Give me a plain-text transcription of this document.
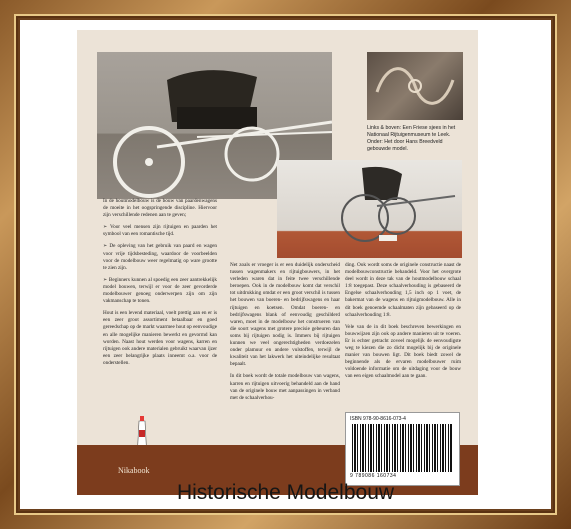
Links & boven: Een Friese sjees in het Nationaal Rijtuigenmuseum te Leek. Onder: Het door Hans Breedveld gebouwde model.

In de houtmodelbouw is de bouw van paardenwagens de moeite in het oogspringende discipline. Hiervoor zijn verschillende redenen aan te geven;

➢ Voor veel mensen zijn rijtuigen en paarden het symbool van een romantische tijd.

➢ De opleving van het gebruik van paard en wagen voor vrije tijdsbesteding, waardoor de voorbeelden voor de modelbouw weer regelmatig op ware grootte te zien zijn.

➢ Beginners kunnen al spoedig een zeer aantrekkelijk model bouwen, terwijl er voor de zeer gevorderde modelbouwer genoeg onderwerpen zijn om zijn vakmanschap te tonen.

Hout is een levend materiaal, voelt prettig aan en er is een zeer groot assortiment betaalbaar en goed gereedschap op de markt waarmee hout op eenvoudige en alle mogelijke manieren bewerkt en gevormd kan worden. Naast hout werden voor wagens, karren en rijtuigen ook andere materialen gebruikt waarvan ijzer een zeer belangrijke plaats inneemt o.a. voor de onderstellen.

Net zoals er vroeger is er een duidelijk onderscheid tussen wagenmakers en rijtuigbouwers, in het verleden waren dat in feite twee verschillende beroepen. Ook in de modelbouw komt dat verschil tot uitdrukking omdat er een groot verschil is tussen het bouwen van boeren- en bedrijfswagens en haar rijtuigen en koetsen. Omdat boeren- en bedrijfswagens blank of eenvoudig geschilderd waren, moet in de modelbouw het construeren van die soort wagens met grotere precisie gebeuren dan soms bij rijtuigen nodig is. Immers bij rijtuigen kunnen we veel ongerechtigheden verdoezelen onder plamuur en andere vulstoffen, terwijl de kwaliteit van het lakwerk het uiteindelijke resultaat bepaalt.

In dit boek wordt de totale modelbouw van wagens, karren en rijtuigen uitvoerig behandeld aan de hand van de originele bouw met aanpassingen in verband met de schaalverhou-

ding. Ook wordt soms de originele constructie naast de modelbouwconstructie behandeld. Voor het overgrote deel wordt in deze tak van de houtmodelbouw schaal 1:8 toegepast. Deze schaalverhouding is gebaseerd de Engelse schaalverhouding 1,5 inch op 1 voet, de bakermat van de wagens en rijtuigmodelbouw. Alle in dit boek genoemde schaalmaten zijn gebaseerd op de schaalverhouding 1:8.

Vele van de in dit boek beschreven bewerkingen en bouwwijzen zijn ook op andere manieren uit te voeren. Er is echter getracht zoveel mogelijk de eenvoudigste weg te kiezen die zo dicht mogelijk bij de originele manier van bouwen ligt. Dit boek biedt zowel de beginnende als de ervaren modelbouwer ruim voldoende informatie om de uitdaging voor de bouw van een eigen schaalmodel aan te gaan.

Nikabook
ISBN 978-90-8616-073-4
9 789086 160734
Historische Modelbouw
